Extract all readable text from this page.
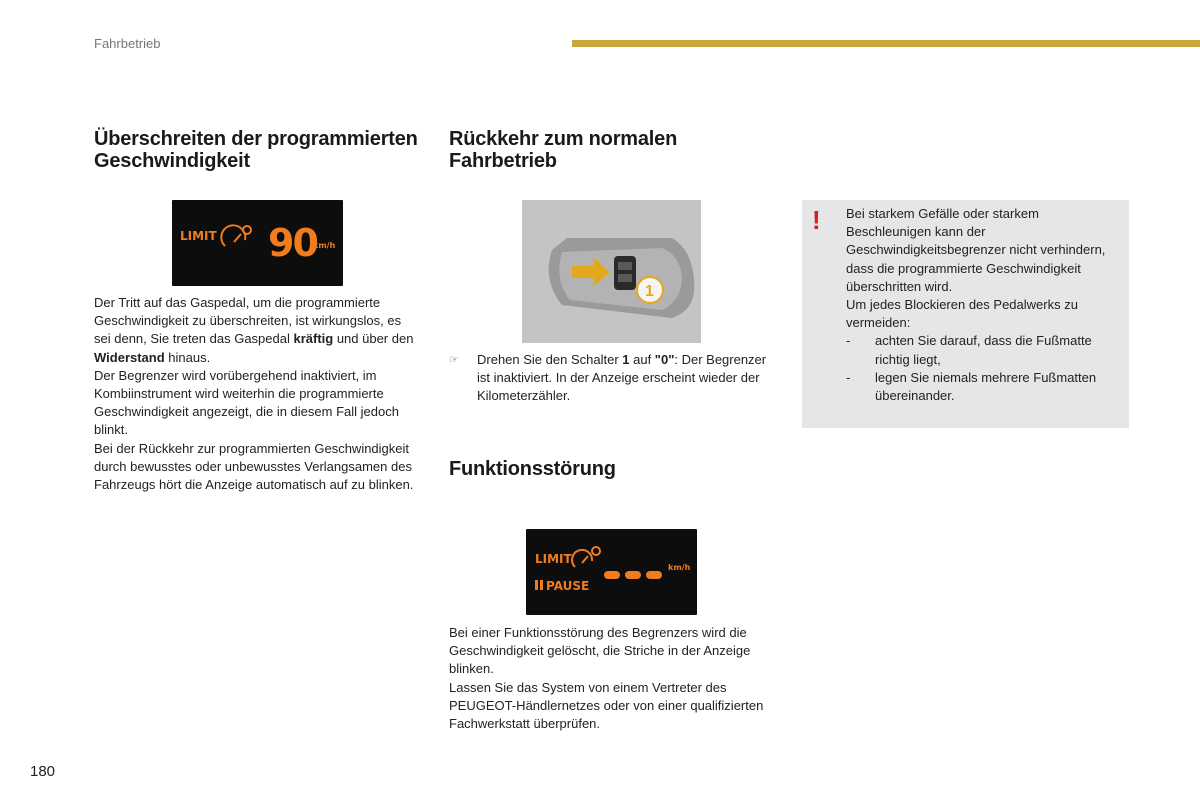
Fahrbetrieb
Überschreiten der programmierten Geschwindigkeit
LIMIT 90
km/h

Der Tritt auf das Gaspedal, um die programmierte Geschwindigkeit zu überschreiten, ist wirkungslos, es sei denn, Sie treten das Gaspedal kräftig und über den Widerstand hinaus.

Der Begrenzer wird vorübergehend inaktiviert, im Kombiinstrument wird weiterhin die programmierte Geschwindigkeit angezeigt, die in diesem Fall jedoch blinkt.

Bei der Rückkehr zur programmierten Geschwindigkeit durch bewusstes oder unbewusstes Verlangsamen des Fahrzeugs hört die Anzeige automatisch auf zu blinken.

Rückkehr zum normalen Fahrbetrieb
1
☞	Drehen Sie den Schalter 1 auf "0": Der Begrenzer ist inaktiviert. In der Anzeige erscheint wieder der Kilometerzähler.

Funktionsstörung
LIMIT
PAUSE
km/h

Bei einer Funktionsstörung des Begrenzers wird die Geschwindigkeit gelöscht, die Striche in der Anzeige blinken.

Lassen Sie das System von einem Vertreter des PEUGEOT-Händlernetzes oder von einer qualifizierten Fachwerkstatt überprüfen.

! Bei starkem Gefälle oder starkem Beschleunigen kann der Geschwindigkeitsbegrenzer nicht verhindern, dass die programmierte Geschwindigkeit überschritten wird.

Um jedes Blockieren des Pedalwerks zu vermeiden:

-	achten Sie darauf, dass die Fußmatte richtig liegt,
-	legen Sie niemals mehrere Fußmatten übereinander.
180
